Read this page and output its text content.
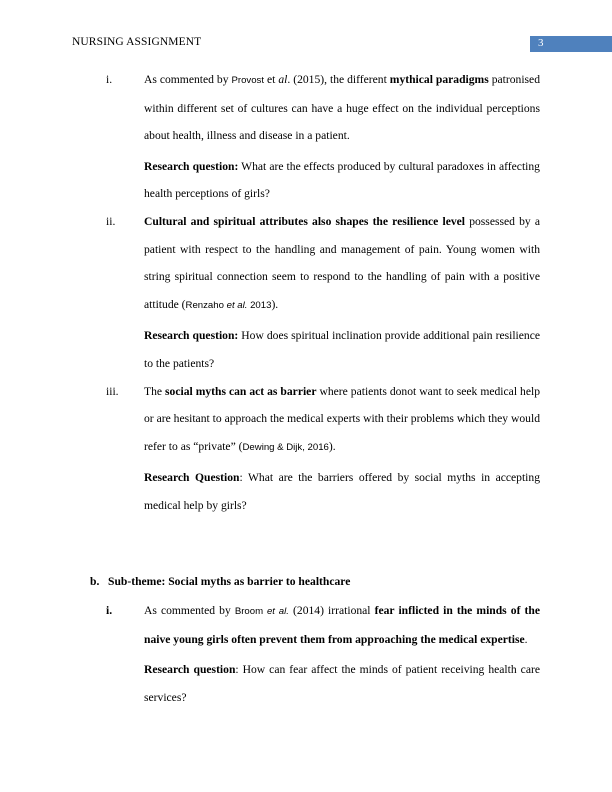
NURSING ASSIGNMENT	3
i.	As commented by Provost et al. (2015), the different mythical paradigms patronised within different set of cultures can have a huge effect on the individual perceptions about health, illness and disease in a patient.
Research question: What are the effects produced by cultural paradoxes in affecting health perceptions of girls?
ii. Cultural and spiritual attributes also shapes the resilience level possessed by a patient with respect to the handling and management of pain. Young women with string spiritual connection seem to respond to the handling of pain with a positive attitude (Renzaho et al. 2013).
Research question: How does spiritual inclination provide additional pain resilience to the patients?
iii. The social myths can act as barrier where patients donot want to seek medical help or are hesitant to approach the medical experts with their problems which they would refer to as “private” (Dewing & Dijk, 2016).
Research Question: What are the barriers offered by social myths in accepting medical help by girls?
b. Sub-theme: Social myths as barrier to healthcare
i.	As commented by Broom et al. (2014) irrational fear inflicted in the minds of the naive young girls often prevent them from approaching the medical expertise.
Research question: How can fear affect the minds of patient receiving health care services?
